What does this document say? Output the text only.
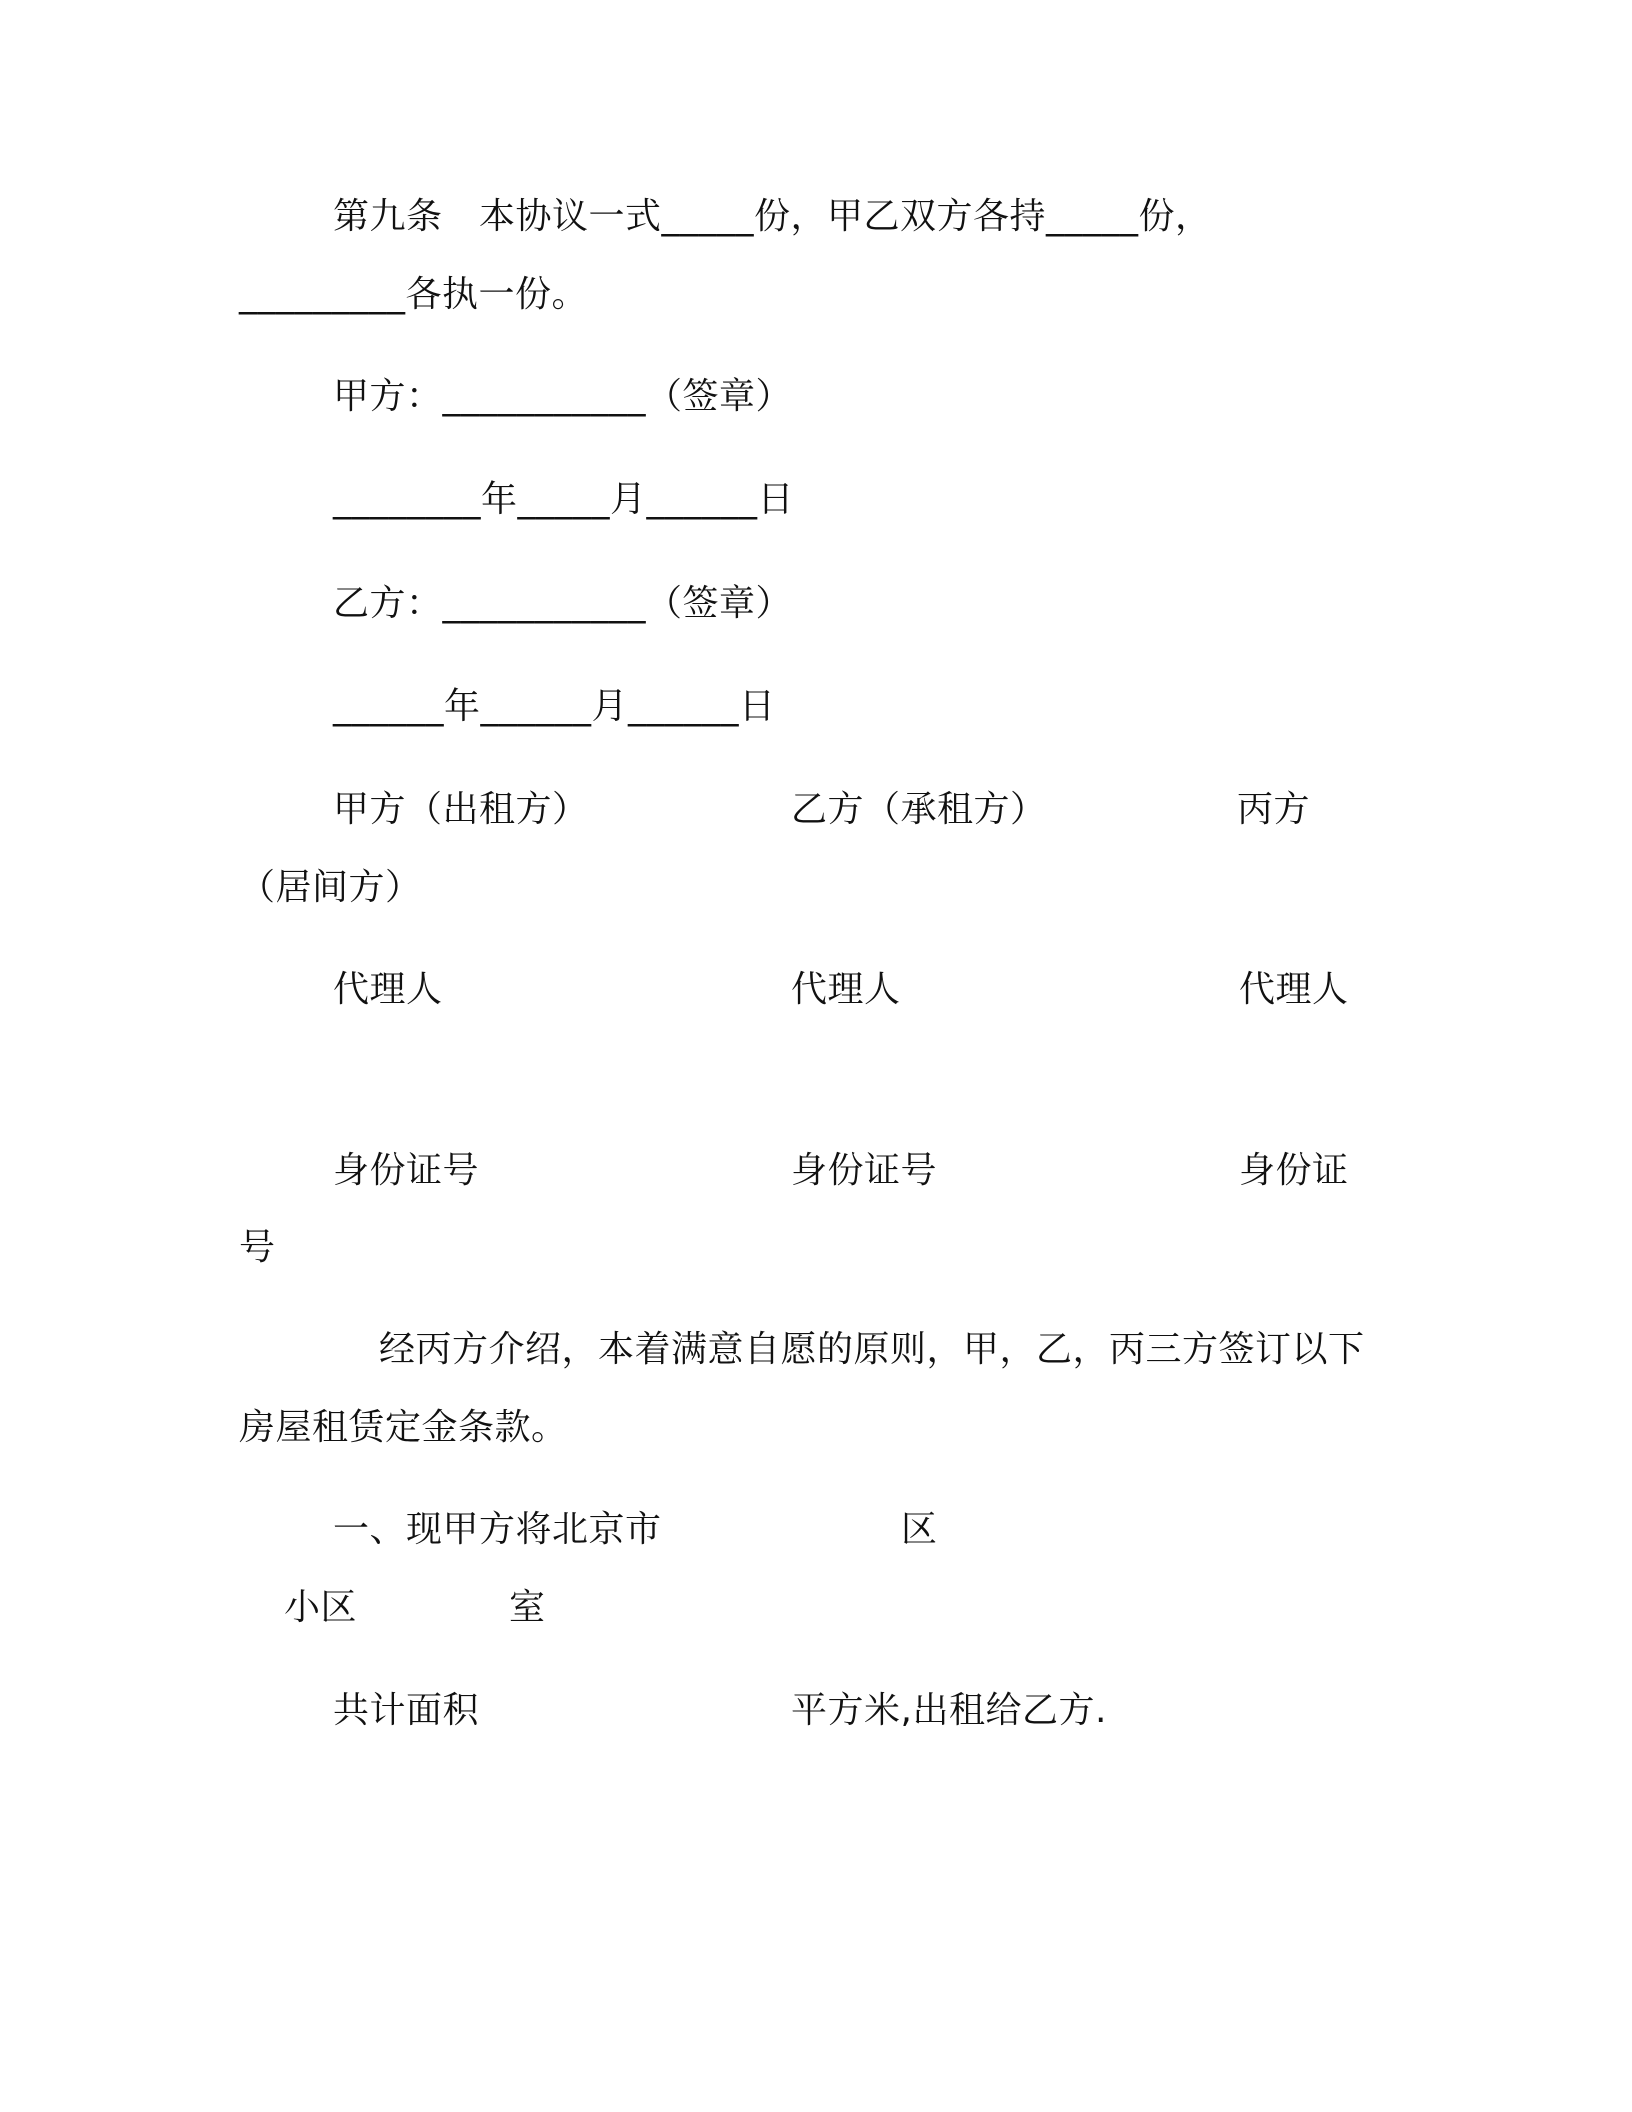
第九条　本协议一式_____份，甲乙双方各持_____份，
_________各执一份。
甲方：___________（签章）
________年_____月______日
乙方：___________（签章）
______年______月______日
甲方（出租方）	乙方（承租方）	丙方
（居间方）
代理人	代理人	代理人
身份证号	身份证号	身份证
号
经丙方介绍，本着满意自愿的原则，甲，乙，丙三方签订以下
房屋租赁定金条款。
一、现甲方将北京市	区
小区	室
共计面积	平方米,出租给乙方.
